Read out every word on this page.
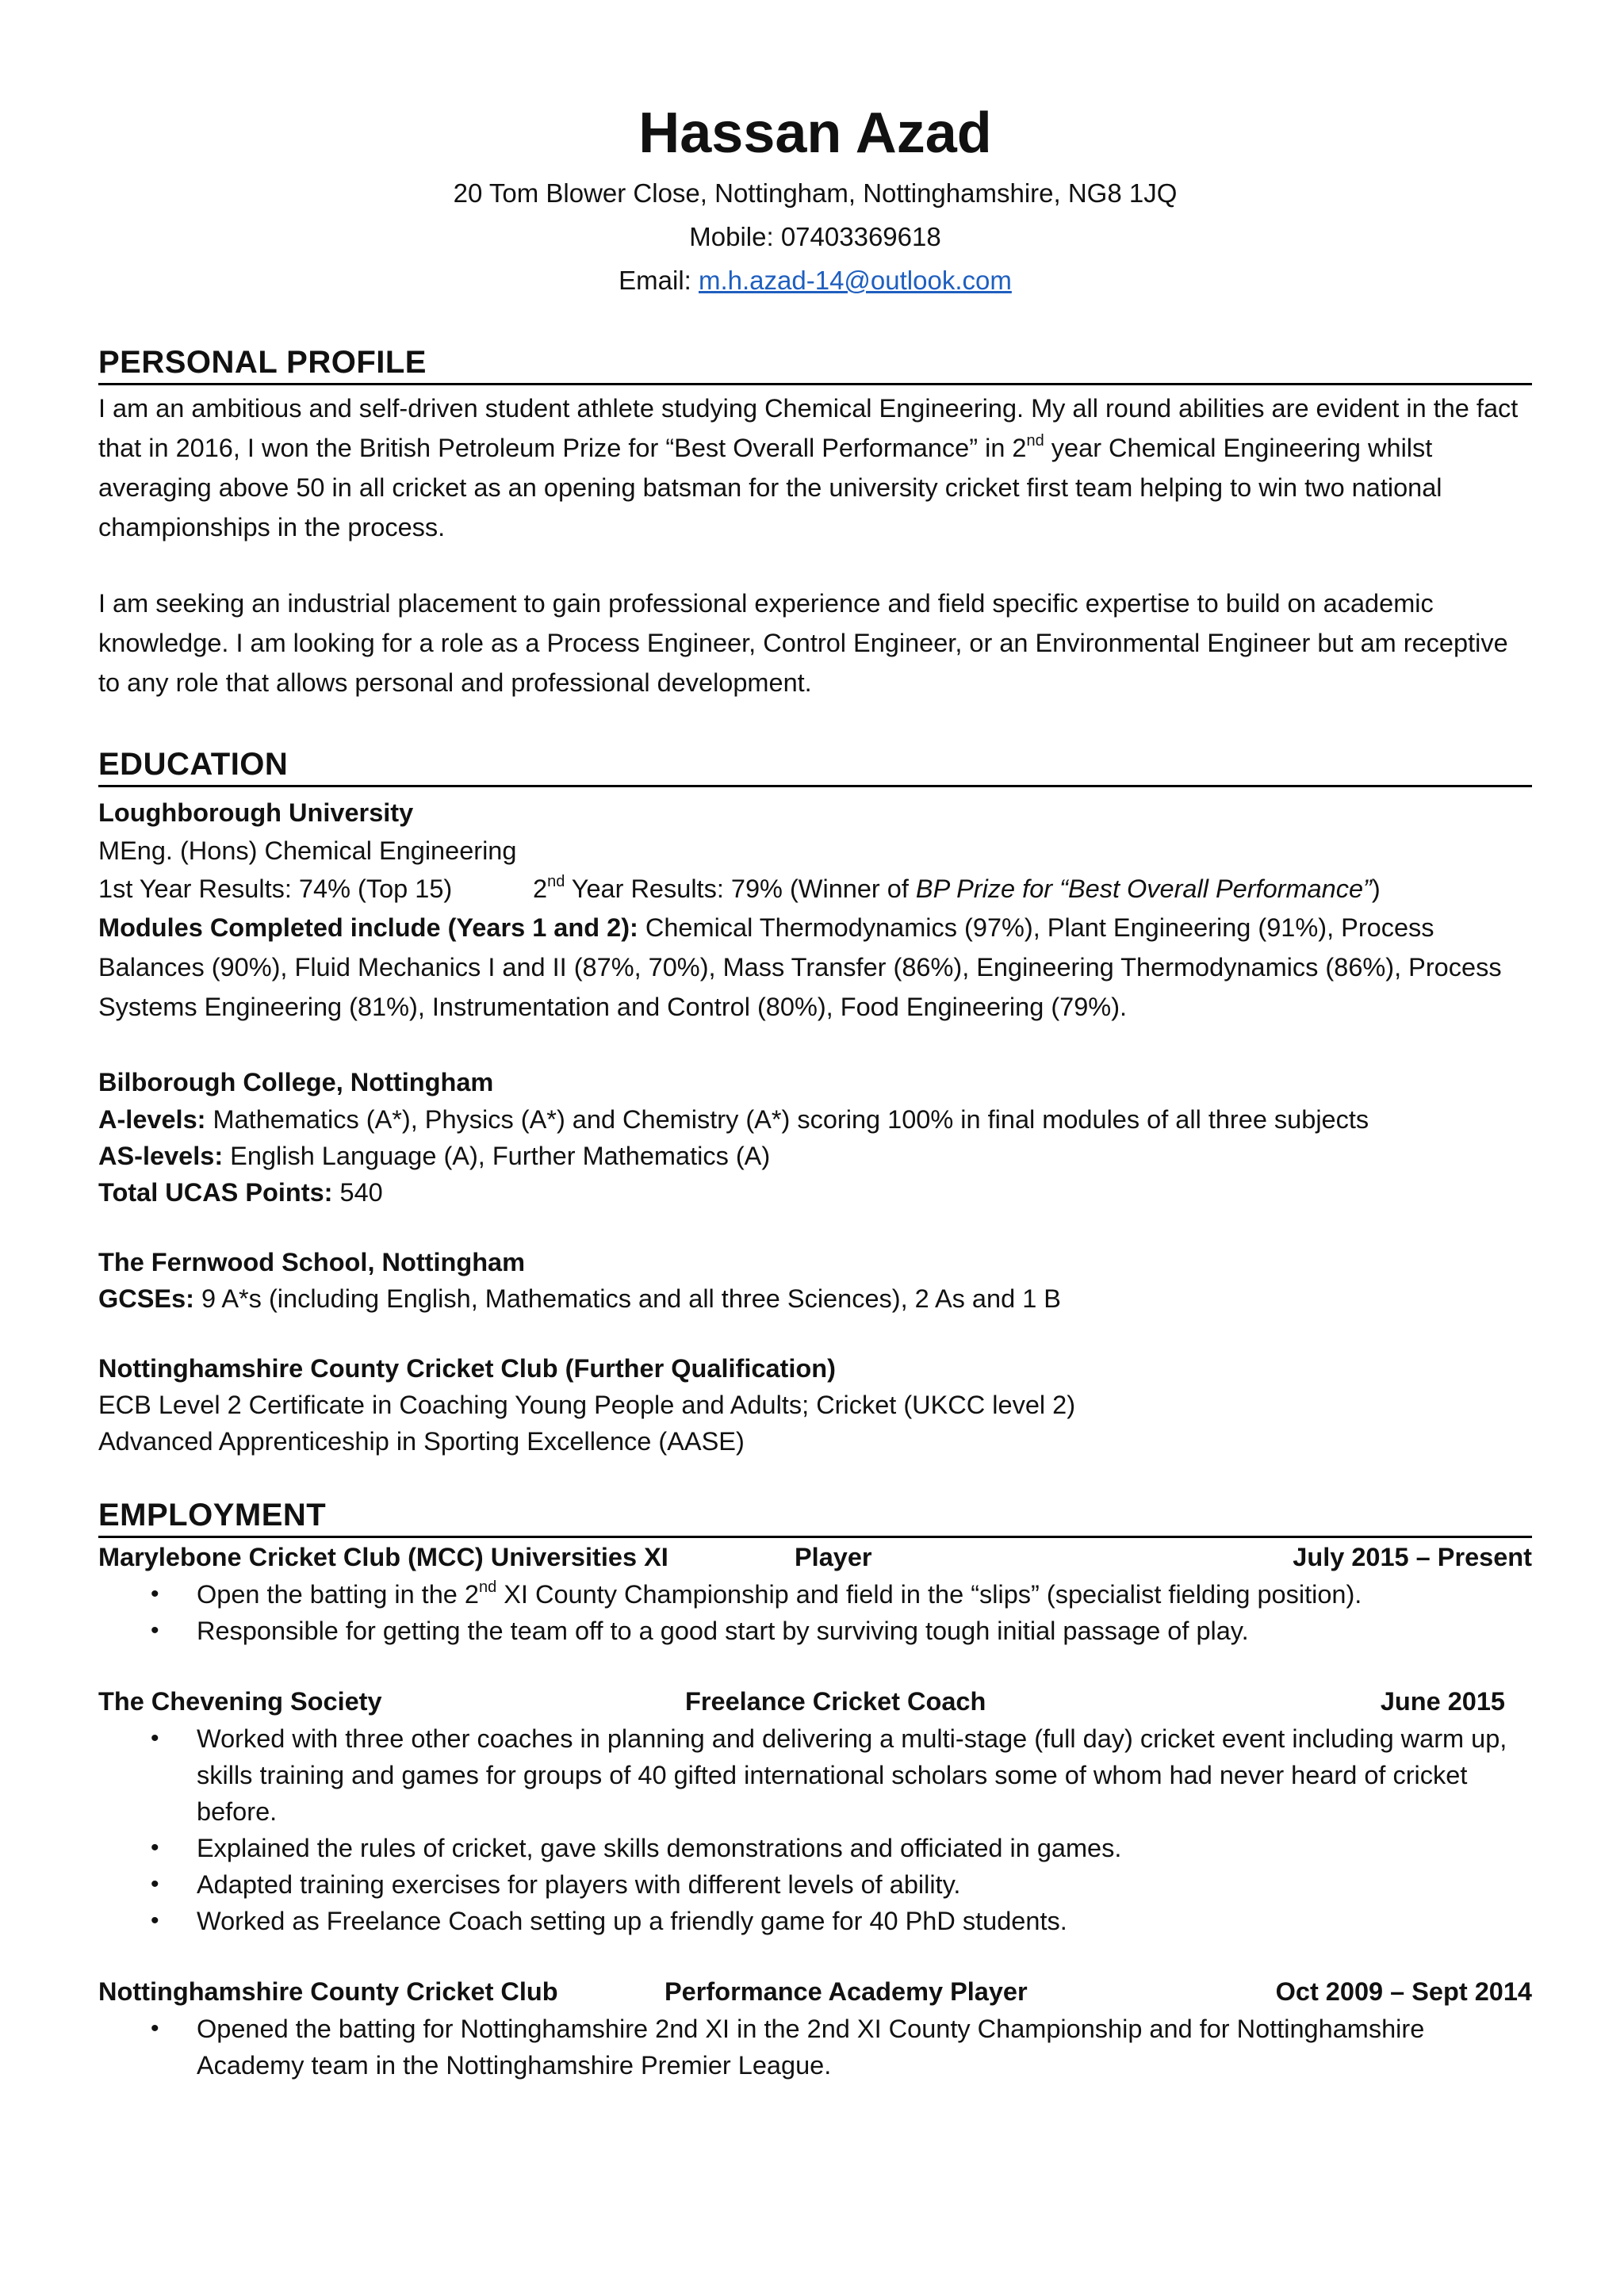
Hassan Azad
20 Tom Blower Close, Nottingham, Nottinghamshire, NG8 1JQ
Mobile: 07403369618
Email: m.h.azad-14@outlook.com
PERSONAL PROFILE

I am an ambitious and self-driven student athlete studying Chemical Engineering. My all round abilities are evident in the fact that in 2016, I won the British Petroleum Prize for “Best Overall Performance” in 2nd year Chemical Engineering whilst averaging above 50 in all cricket as an opening batsman for the university cricket first team helping to win two national championships in the process.

I am seeking an industrial placement to gain professional experience and field specific expertise to build on academic knowledge. I am looking for a role as a Process Engineer, Control Engineer, or an Environmental Engineer but am receptive to any role that allows personal and professional development.

EDUCATION
Loughborough University
MEng. (Hons) Chemical Engineering
1st Year Results: 74% (Top 15)	2nd Year Results: 79% (Winner of BP Prize for “Best Overall Performance”)

Modules Completed include (Years 1 and 2): Chemical Thermodynamics (97%), Plant Engineering (91%), Process Balances (90%), Fluid Mechanics I and II (87%, 70%), Mass Transfer (86%), Engineering Thermodynamics (86%), Process Systems Engineering (81%), Instrumentation and Control (80%), Food Engineering (79%).

Bilborough College, Nottingham
A-levels: Mathematics (A*), Physics (A*) and Chemistry (A*) scoring 100% in final modules of all three subjects
AS-levels: English Language (A), Further Mathematics (A)
Total UCAS Points: 540
The Fernwood School, Nottingham
GCSEs: 9 A*s (including English, Mathematics and all three Sciences), 2 As and 1 B
Nottinghamshire County Cricket Club (Further Qualification)
ECB Level 2 Certificate in Coaching Young People and Adults; Cricket (UKCC level 2)
Advanced Apprenticeship in Sporting Excellence (AASE)
EMPLOYMENT
Marylebone Cricket Club (MCC) Universities XI	Player	July 2015 – Present
• Open the batting in the 2nd XI County Championship and field in the “slips” (specialist fielding position).
• Responsible for getting the team off to a good start by surviving tough initial passage of play.
The Chevening Society	Freelance Cricket Coach	June 2015
• Worked with three other coaches in planning and delivering a multi-stage (full day) cricket event including warm up, skills training and games for groups of 40 gifted international scholars some of whom had never heard of cricket before.
• Explained the rules of cricket, gave skills demonstrations and officiated in games.
• Adapted training exercises for players with different levels of ability.
• Worked as Freelance Coach setting up a friendly game for 40 PhD students.
Nottinghamshire County Cricket Club	Performance Academy Player	Oct 2009 – Sept 2014
• Opened the batting for Nottinghamshire 2nd XI in the 2nd XI County Championship and for Nottinghamshire Academy team in the Nottinghamshire Premier League.
